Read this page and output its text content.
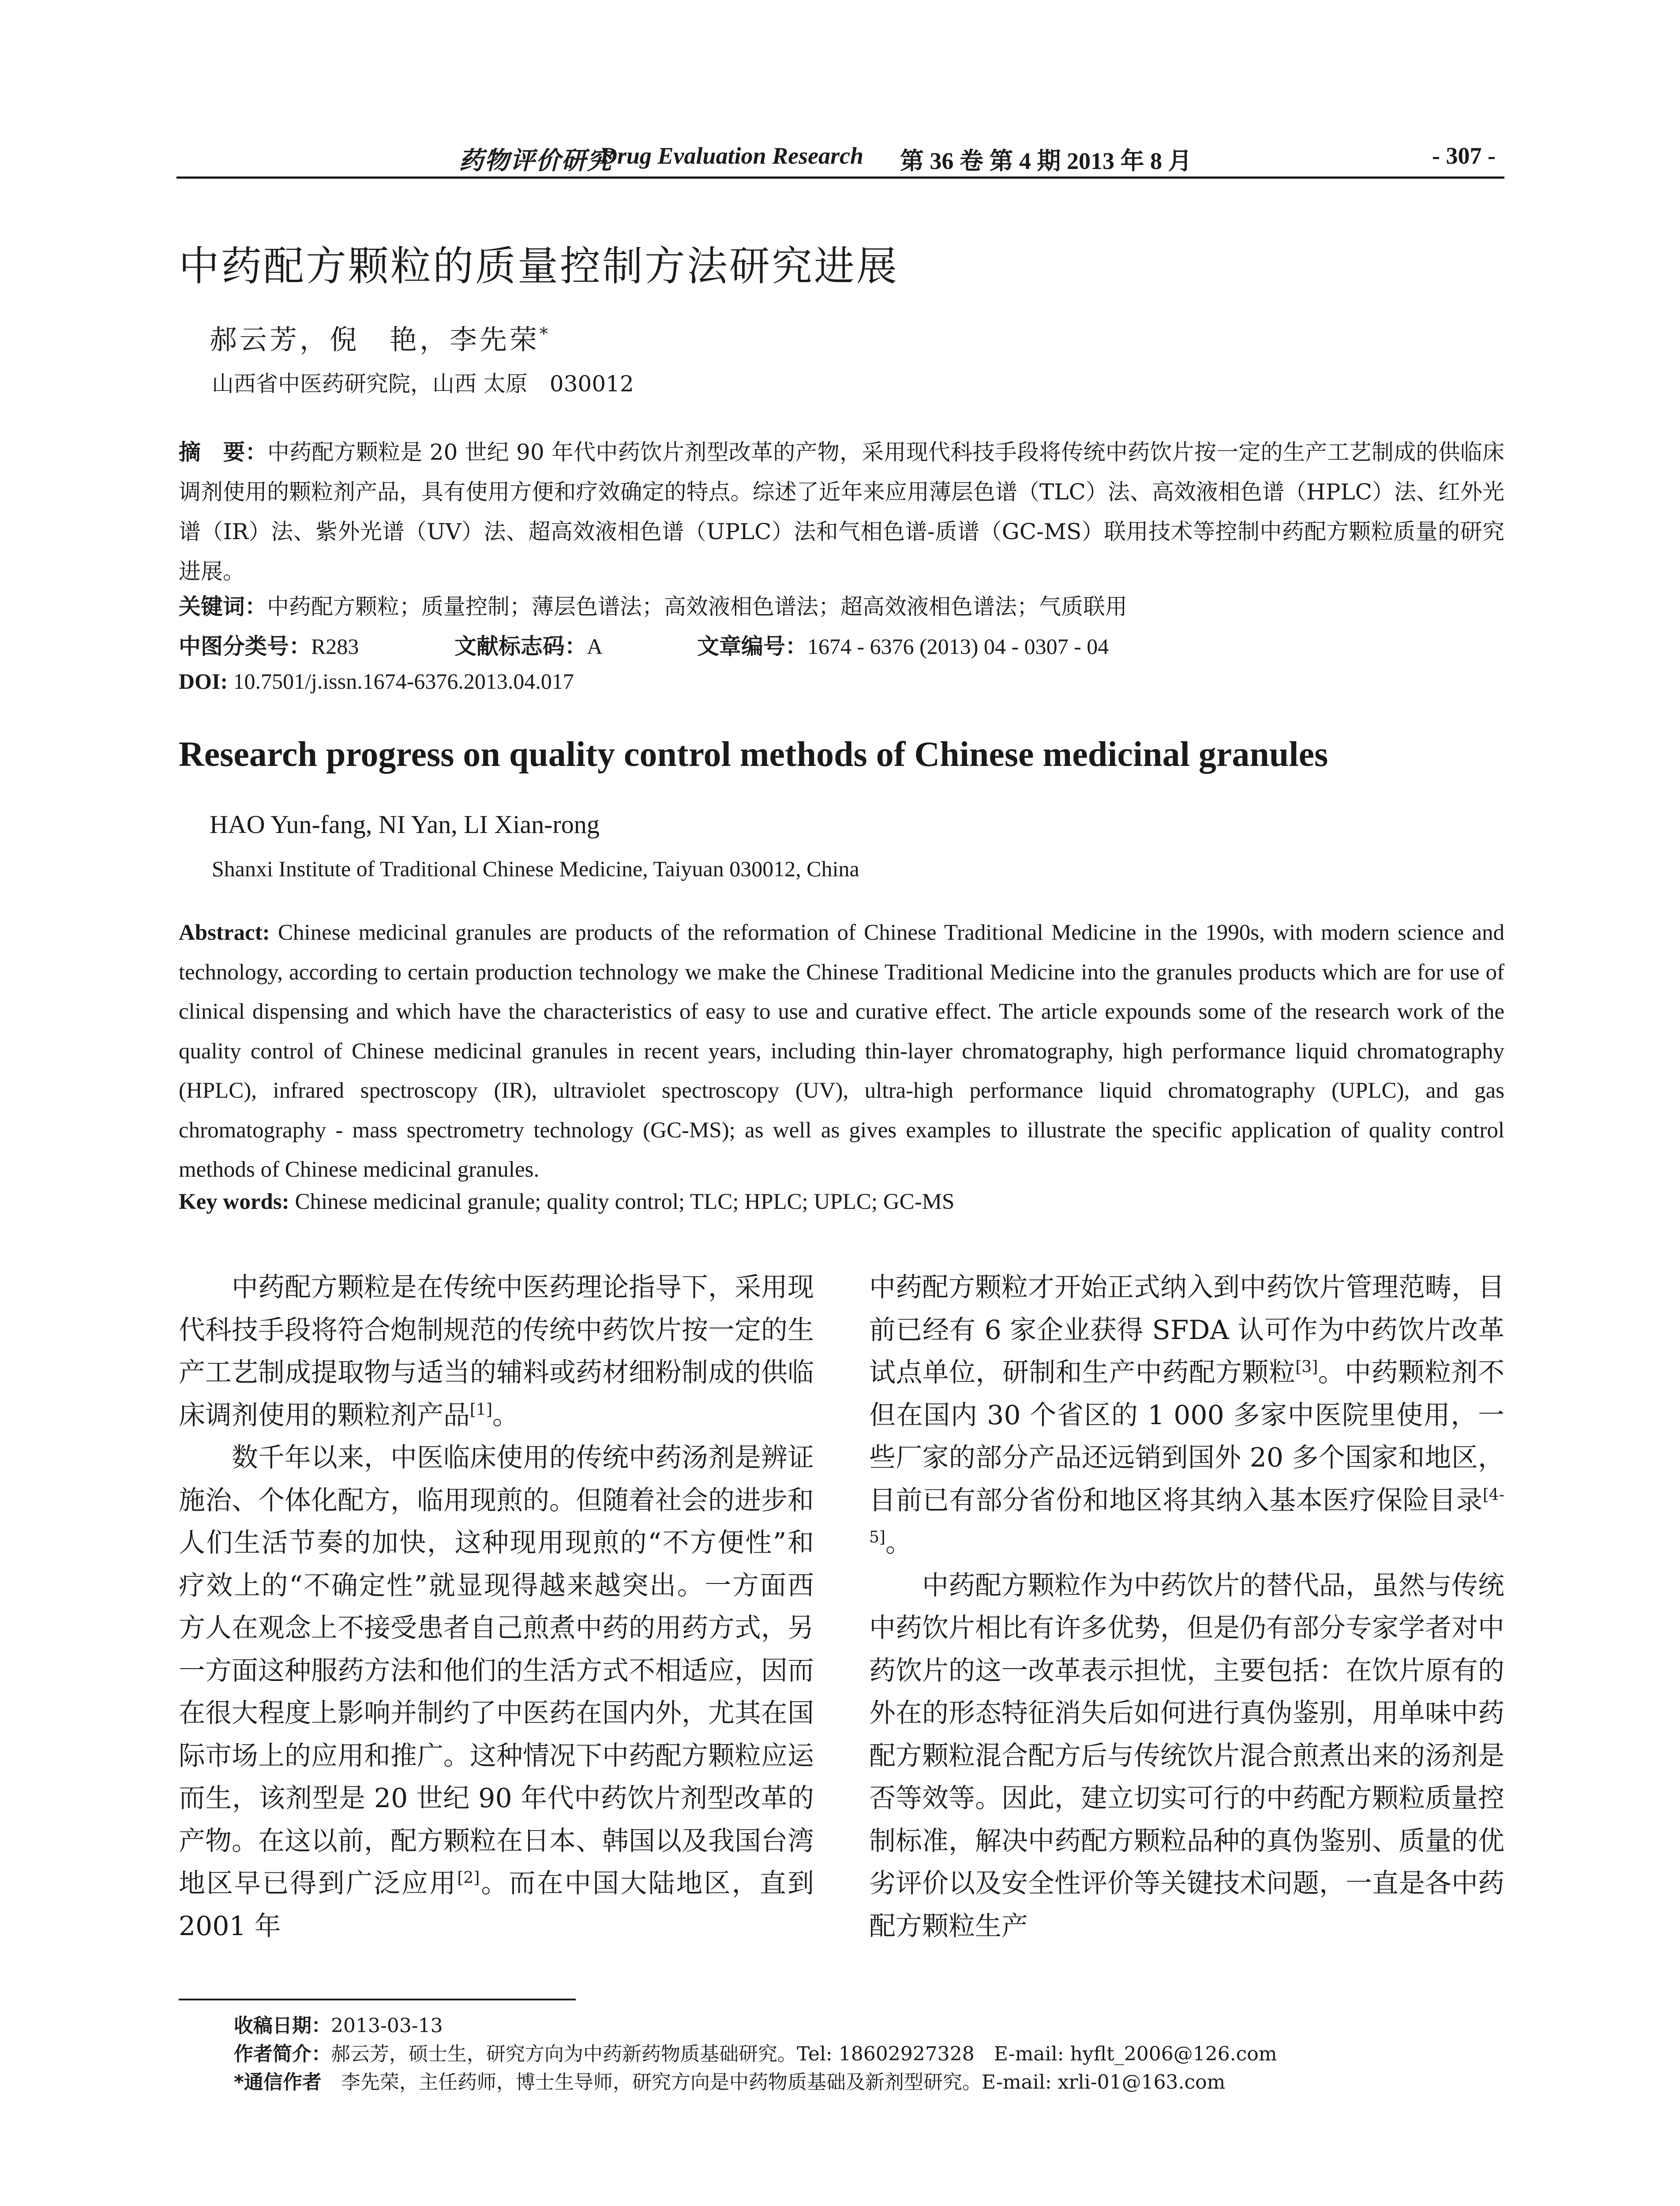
药物评价研究
Drug Evaluation Research 第 36 卷 第 4 期 2013 年 8 月	- 307 -
中药配方颗粒的质量控制方法研究进展
郝云芳，倪　艳，李先荣*
山西省中医药研究院，山西 太原　030012
摘　要：中药配方颗粒是 20 世纪 90 年代中药饮片剂型改革的产物，采用现代科技手段将传统中药饮片按一定的生产工艺制成的供临床调剂使用的颗粒剂产品，具有使用方便和疗效确定的特点。综述了近年来应用薄层色谱（TLC）法、高效液相色谱（HPLC）法、红外光谱（IR）法、紫外光谱（UV）法、超高效液相色谱（UPLC）法和气相色谱-质谱（GC-MS）联用技术等控制中药配方颗粒质量的研究进展。
关键词：中药配方颗粒；质量控制；薄层色谱法；高效液相色谱法；超高效液相色谱法；气质联用
中图分类号：R283	文献标志码：A	文章编号：1674 - 6376 (2013) 04 - 0307 - 04
DOI: 10.7501/j.issn.1674-6376.2013.04.017
Research progress on quality control methods of Chinese medicinal granules
HAO Yun-fang, NI Yan, LI Xian-rong
Shanxi Institute of Traditional Chinese Medicine, Taiyuan 030012, China
Abstract: Chinese medicinal granules are products of the reformation of Chinese Traditional Medicine in the 1990s, with modern science and technology, according to certain production technology we make the Chinese Traditional Medicine into the granules products which are for use of clinical dispensing and which have the characteristics of easy to use and curative effect. The article expounds some of the research work of the quality control of Chinese medicinal granules in recent years, including thin-layer chromatography, high performance liquid chromatography (HPLC), infrared spectroscopy (IR), ultraviolet spectroscopy (UV), ultra-high performance liquid chromatography (UPLC), and gas chromatography - mass spectrometry technology (GC-MS); as well as gives examples to illustrate the specific application of quality control methods of Chinese medicinal granules.
Key words: Chinese medicinal granule; quality control; TLC; HPLC; UPLC; GC-MS

中药配方颗粒是在传统中医药理论指导下，采用现代科技手段将符合炮制规范的传统中药饮片按一定的生产工艺制成提取物与适当的辅料或药材细粉制成的供临床调剂使用的颗粒剂产品[1]。

数千年以来，中医临床使用的传统中药汤剂是辨证施治、个体化配方，临用现煎的。但随着社会的进步和人们生活节奏的加快，这种现用现煎的“不方便性”和疗效上的“不确定性”就显现得越来越突出。一方面西方人在观念上不接受患者自己煎煮中药的用药方式，另一方面这种服药方法和他们的生活方式不相适应，因而在很大程度上影响并制约了中医药在国内外，尤其在国际市场上的应用和推广。这种情况下中药配方颗粒应运而生，该剂型是 20 世纪 90 年代中药饮片剂型改革的产物。在这以前，配方颗粒在日本、韩国以及我国台湾地区早已得到广泛应用[2]。而在中国大陆地区，直到 2001 年

中药配方颗粒才开始正式纳入到中药饮片管理范畴，目前已经有 6 家企业获得 SFDA 认可作为中药饮片改革试点单位，研制和生产中药配方颗粒[3]。中药颗粒剂不但在国内 30 个省区的 1 000 多家中医院里使用，一些厂家的部分产品还远销到国外 20 多个国家和地区，目前已有部分省份和地区将其纳入基本医疗保险目录[4-5]。

中药配方颗粒作为中药饮片的替代品，虽然与传统中药饮片相比有许多优势，但是仍有部分专家学者对中药饮片的这一改革表示担忧，主要包括：在饮片原有的外在的形态特征消失后如何进行真伪鉴别，用单味中药配方颗粒混合配方后与传统饮片混合煎煮出来的汤剂是否等效等。因此，建立切实可行的中药配方颗粒质量控制标准，解决中药配方颗粒品种的真伪鉴别、质量的优劣评价以及安全性评价等关键技术问题，一直是各中药配方颗粒生产

收稿日期：2013-03-13
作者简介：郝云芳，硕士生，研究方向为中药新药物质基础研究。Tel: 18602927328　E-mail: hyflt_2006@126.com
*通信作者　李先荣，主任药师，博士生导师，研究方向是中药物质基础及新剂型研究。E-mail: xrli-01@163.com
